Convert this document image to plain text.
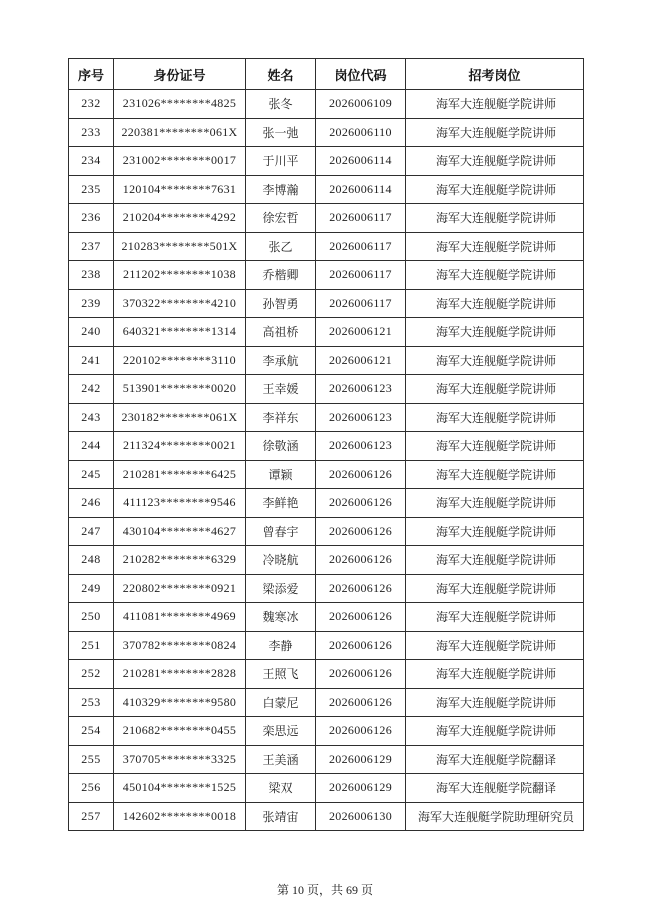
序号	身份证号	姓名	岗位代码	招考岗位
232	231026********4825	张冬	2026006109	海军大连舰艇学院讲师
233	220381********061X	张一弛	2026006110	海军大连舰艇学院讲师
234	231002********0017	于川平	2026006114	海军大连舰艇学院讲师
235	120104********7631	李博瀚	2026006114	海军大连舰艇学院讲师
236	210204********4292	徐宏哲	2026006117	海军大连舰艇学院讲师
237	210283********501X	张乙	2026006117	海军大连舰艇学院讲师
238	211202********1038	乔楷卿	2026006117	海军大连舰艇学院讲师
239	370322********4210	孙智勇	2026006117	海军大连舰艇学院讲师
240	640321********1314	高祖桥	2026006121	海军大连舰艇学院讲师
241	220102********3110	李承航	2026006121	海军大连舰艇学院讲师
242	513901********0020	王幸媛	2026006123	海军大连舰艇学院讲师
243	230182********061X	李祥东	2026006123	海军大连舰艇学院讲师
244	211324********0021	徐敬涵	2026006123	海军大连舰艇学院讲师
245	210281********6425	谭颖	2026006126	海军大连舰艇学院讲师
246	411123********9546	李鲜艳	2026006126	海军大连舰艇学院讲师
247	430104********4627	曾春宇	2026006126	海军大连舰艇学院讲师
248	210282********6329	冷晓航	2026006126	海军大连舰艇学院讲师
249	220802********0921	梁添爱	2026006126	海军大连舰艇学院讲师
250	411081********4969	魏寒冰	2026006126	海军大连舰艇学院讲师
251	370782********0824	李静	2026006126	海军大连舰艇学院讲师
252	210281********2828	王照飞	2026006126	海军大连舰艇学院讲师
253	410329********9580	白蒙尼	2026006126	海军大连舰艇学院讲师
254	210682********0455	栾思远	2026006126	海军大连舰艇学院讲师
255	370705********3325	王美涵	2026006129	海军大连舰艇学院翻译
256	450104********1525	梁双	2026006129	海军大连舰艇学院翻译
257	142602********0018	张靖宙	2026006130	海军大连舰艇学院助理研究员
第 10 页，共 69 页
